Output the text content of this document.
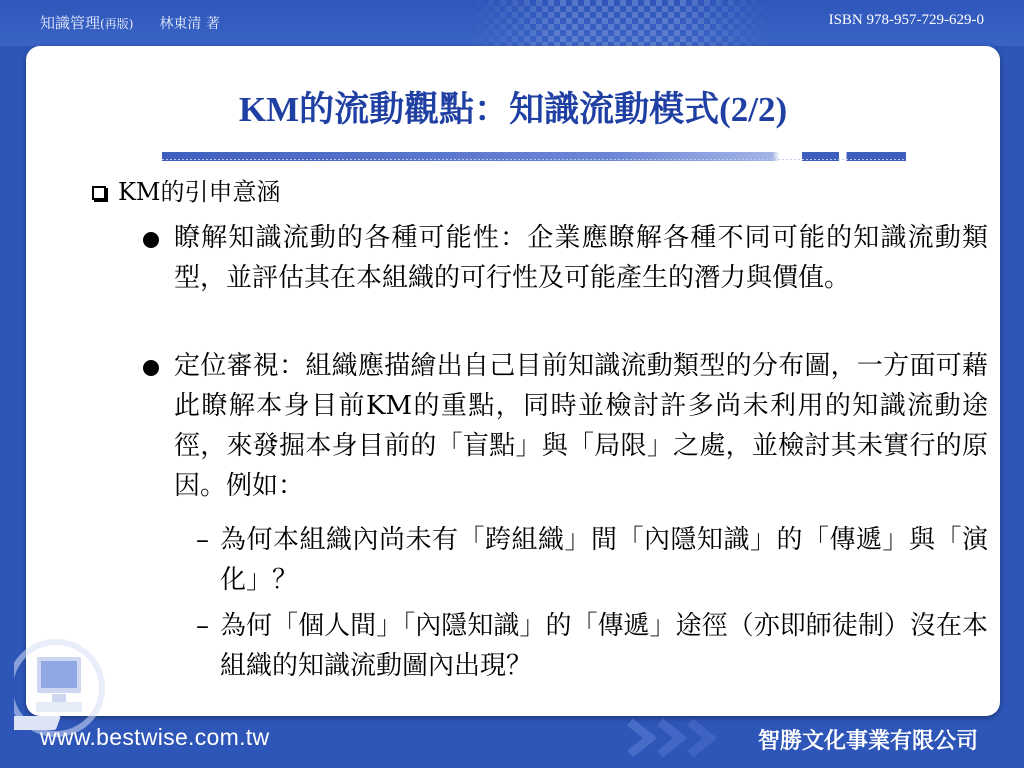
知識管理(再版) 林東清 著	ISBN 978-957-729-629-0
KM的流動觀點：知識流動模式(2/2)
KM的引申意涵
瞭解知識流動的各種可能性：企業應瞭解各種不同可能的知識流動類型，並評估其在本組織的可行性及可能產生的潛力與價值。
定位審視：組織應描繪出自己目前知識流動類型的分布圖，一方面可藉此瞭解本身目前KM的重點，同時並檢討許多尚未利用的知識流動途徑，來發掘本身目前的「盲點」與「局限」之處，並檢討其未實行的原因。例如：
– 為何本組織內尚未有「跨組織」間「內隱知識」的「傳遞」與「演化」？
– 為何「個人間」「內隱知識」的「傳遞」途徑（亦即師徒制）沒在本組織的知識流動圖內出現？
www.bestwise.com.tw	智勝文化事業有限公司
